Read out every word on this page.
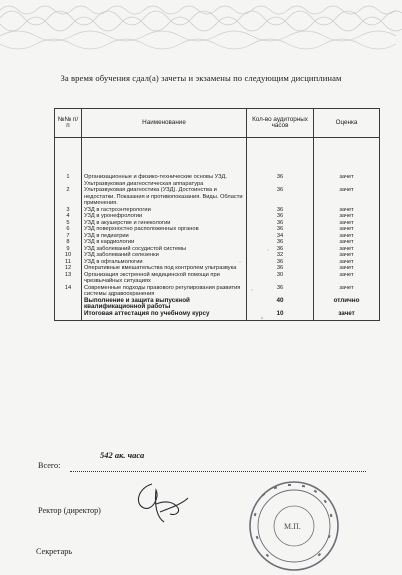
За время обучения сдал(а) зачеты и экзамены по следующим дисциплинам
№№ п/п	Наименование	Кол-во аудиторных часов	Оценка
1	Организационные и физико-технические основы УЗД. Ультразвуковая диагностическая аппаратура	36	зачет
2	Ультразвуковая диагностика (УЗД). Достоинства и недостатки. Показания и противопоказания. Виды. Области применения.	36	зачет
3	УЗД в гастроэнтерологии	36	зачет
4	УЗД в уронефрологии	36	зачет
5	УЗД в акушерстве и гинекологии	36	зачет
6	УЗД поверхностно расположенных органов	36	зачет
7	УЗД в педиатрии	34	зачет
8	УЗД в кардиологии	36	зачет
9	УЗД заболеваний сосудистой системы	36	зачет
10	УЗД заболеваний селезенки	32	зачет
11	УЗД в офтальмологии	36	зачет
12	Оперативные вмешательства под контролем ультразвука	36	зачет
13	Организация экстренной медицинской помощи при чрезвычайных ситуациях	30	зачет
14	Современные подходы правового регулирования развития системы здравоохранения	36	зачет
	Выполнение и защита выпускной квалификационной работы	40	отлично
	Итоговая аттестация по учебному курсу	10	зачет
542 ак. часа
Всего:
Ректор (директор)
Секретарь
М.П.
